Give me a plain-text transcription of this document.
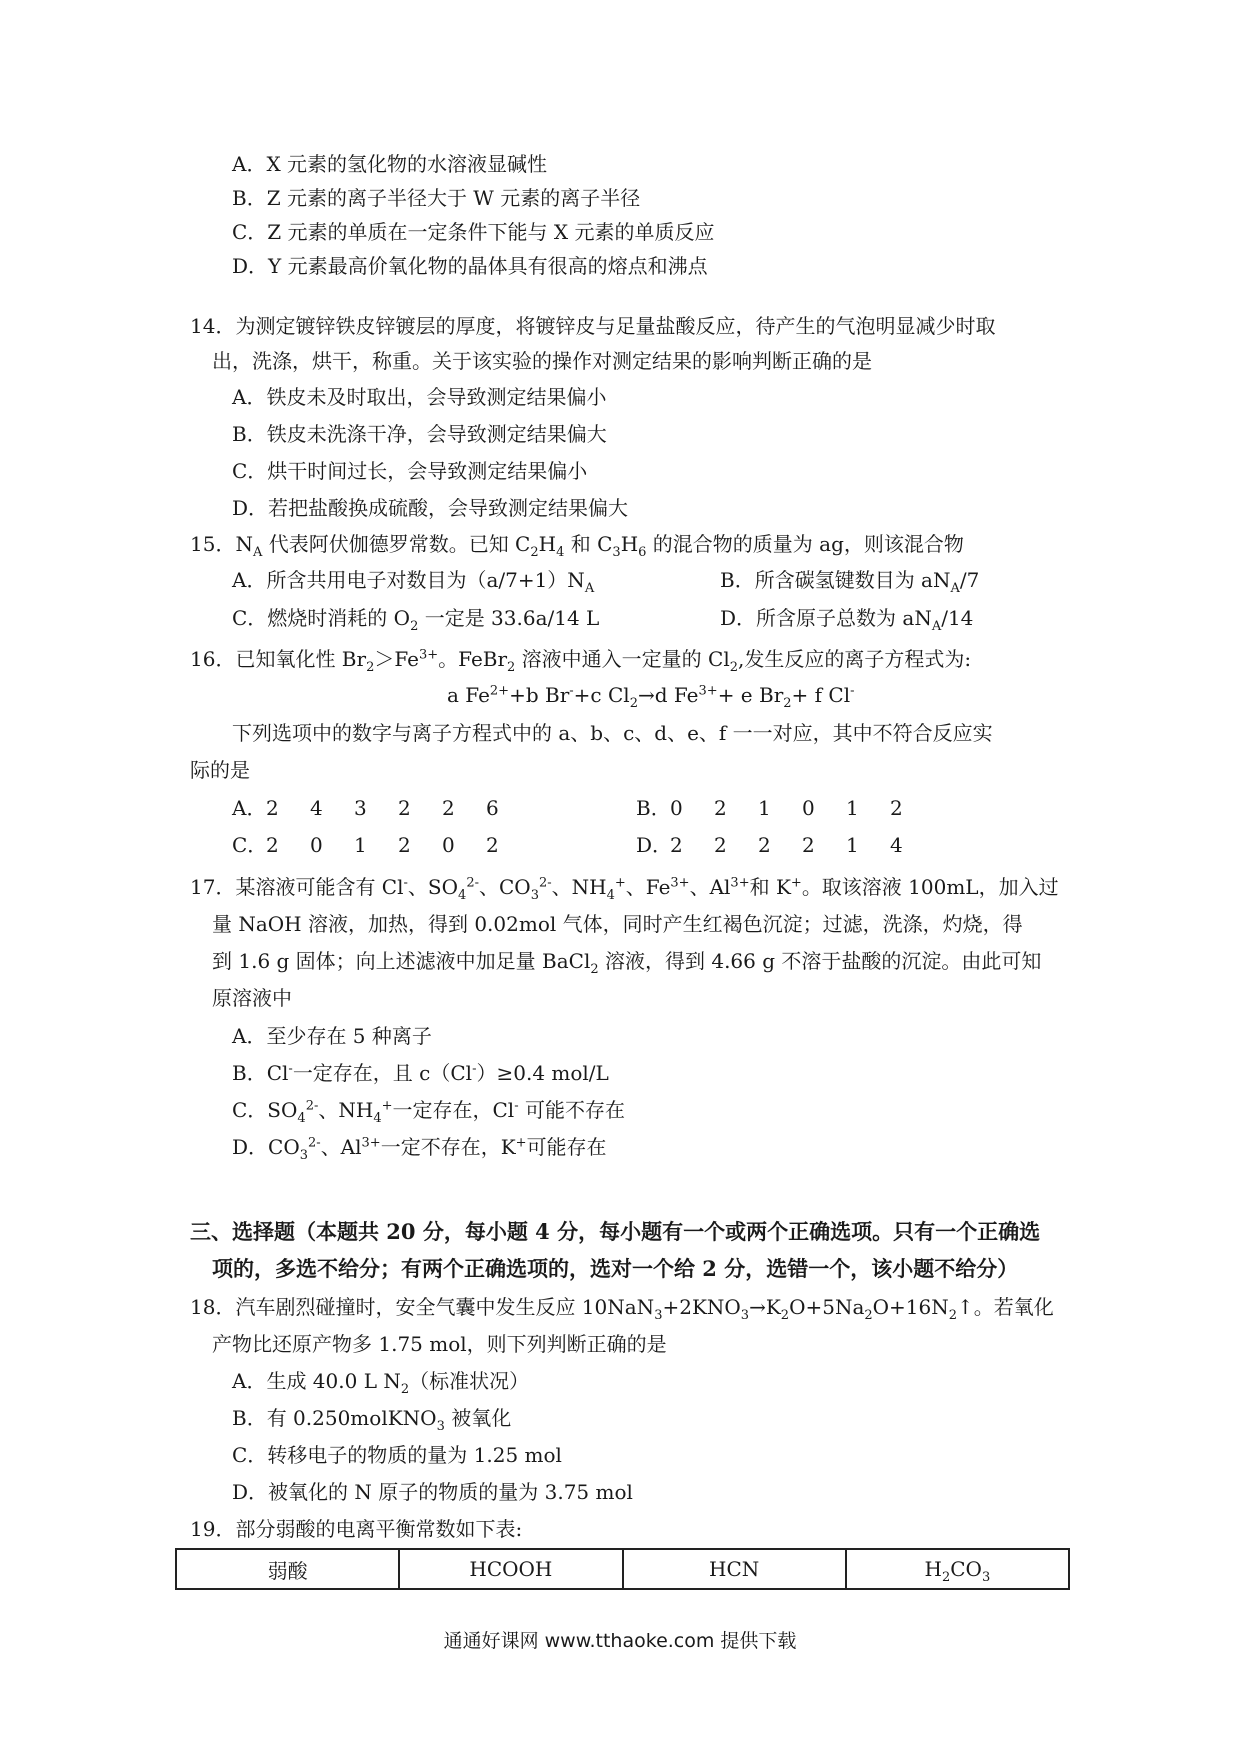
A．X 元素的氢化物的水溶液显碱性
B．Z 元素的离子半径大于 W 元素的离子半径
C．Z 元素的单质在一定条件下能与 X 元素的单质反应
D．Y 元素最高价氧化物的晶体具有很高的熔点和沸点
14．为测定镀锌铁皮锌镀层的厚度，将镀锌皮与足量盐酸反应，待产生的气泡明显减少时取
出，洗涤，烘干，称重。关于该实验的操作对测定结果的影响判断正确的是
A．铁皮未及时取出，会导致测定结果偏小
B．铁皮未洗涤干净，会导致测定结果偏大
C．烘干时间过长，会导致测定结果偏小
D．若把盐酸换成硫酸，会导致测定结果偏大
15．$N_A$ 代表阿伏伽德罗常数。已知 $C_2H_4$ 和 $C_3H_6$ 的混合物的质量为 ag，则该混合物
A．所含共用电子对数目为$(a/7+1)N_A$	B．所含碳氢键数目为 $aN_A/7$
C．燃烧时消耗的 $O_2$ 一定是 33.6a/14 L	D．所含原子总数为 $aN_A/14$
16．已知氧化性 $Br_2>Fe^{3+}$。FeBr$_2$ 溶液中通入一定量的 $Cl_2$,发生反应的离子方程式为:
a $Fe^{2+}+b$ Br-+c $Cl_2\to d$ $Fe^{3+}+ e$ $Br_2+ f$ Cl-
下列选项中的数字与离子方程式中的 a、b、c、d、e、f 一一对应，其中不符合反应实
际的是
A．2 4 3 2 2 6	B．0 2 1 0 1 2
C．2 0 1 2 0 2	D．2 2 2 2 1 4
17．某溶液可能含有 Cl-、$SO_4^{2-}$、$CO_3^{2-}$、$NH_4^+$、$Fe^{3+}$、$Al^{3+}$和 K+。取该溶液 100mL，加入过
量 NaOH 溶液，加热，得到 0.02mol 气体，同时产生红褐色沉淀；过滤，洗涤，灼烧，得
到 1.6 g 固体；向上述滤液中加足量 BaCl$_2$ 溶液，得到 4.66 g 不溶于盐酸的沉淀。由此可知
原溶液中
A．至少存在 5 种离子
B．Cl-一定存在，且 c（Cl-）≥0.4 mol/L
C．$SO_4^{2-}$、$NH_4^+$一定存在，Cl- 可能不存在
D．$CO_3^{2-}$、$Al^{3+}$一定不存在，K+可能存在
三、选择题（本题共 20 分，每小题 4 分，每小题有一个或两个正确选项。只有一个正确选
项的，多选不给分；有两个正确选项的，选对一个给 2 分，选错一个，该小题不给分）
18．汽车剧烈碰撞时，安全气囊中发生反应 $10NaN_3+2KNO_3\to K_2O+5Na_2O+16N_2↑$。若氧化
产物比还原产物多 1.75 mol，则下列判断正确的是
A．生成 40.0 L $N_2$（标准状况）
B．有 0.250molKNO$_3$ 被氧化
C．转移电子的物质的量为 1.25 mol
D．被氧化的 N 原子的物质的量为 3.75 mol
19．部分弱酸的电离平衡常数如下表:
弱酸	HCOOH	HCN	$H_2CO_3$
通通好课网 www.tthaoke.com 提供下载
